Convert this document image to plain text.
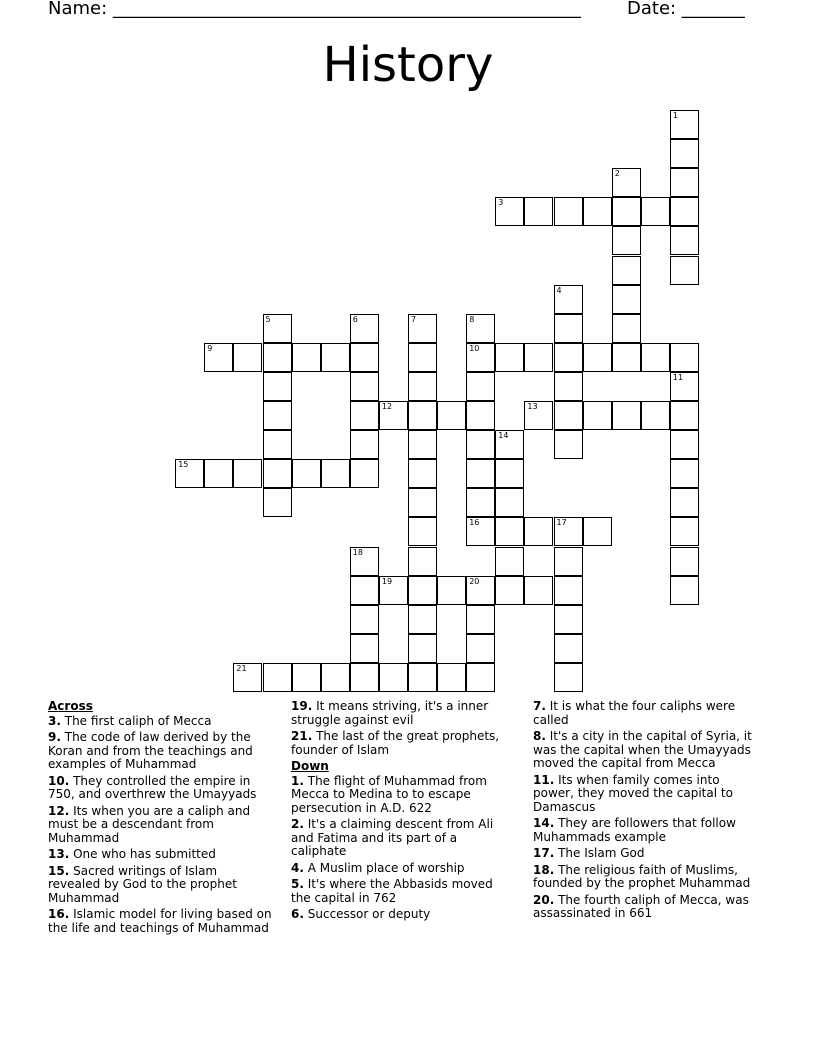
Name: ____________________________________________________	Date: _______
History
1
2
3
4
5	6	7	8
10
16
9
11
12	13
14
15
17
18
19	20
21
Across
3. The first caliph of Mecca
9. The code of law derived by the Koran and from the teachings and examples of Muhammad
10. They controlled the empire in 750, and overthrew the Umayyads
12. Its when you are a caliph and must be a descendant from Muhammad
13. One who has submitted
15. Sacred writings of Islam revealed by God to the prophet Muhammad
16. Islamic model for living based on the life and teachings of Muhammad
19. It means striving, it's a inner struggle against evil
21. The last of the great prophets, founder of Islam
Down
1. The flight of Muhammad from Mecca to Medina to to escape persecution in A.D. 622
2. It's a claiming descent from Ali and Fatima and its part of a caliphate
4. A Muslim place of worship
5. It's where the Abbasids moved the capital in 762
6. Successor or deputy
7. It is what the four caliphs were called
8. It's a city in the capital of Syria, it was the capital when the Umayyads moved the capital from Mecca
11. Its when family comes into power, they moved the capital to Damascus
14. They are followers that follow Muhammads example
17. The Islam God
18. The religious faith of Muslims, founded by the prophet Muhammad
20. The fourth caliph of Mecca, was assassinated in 661
